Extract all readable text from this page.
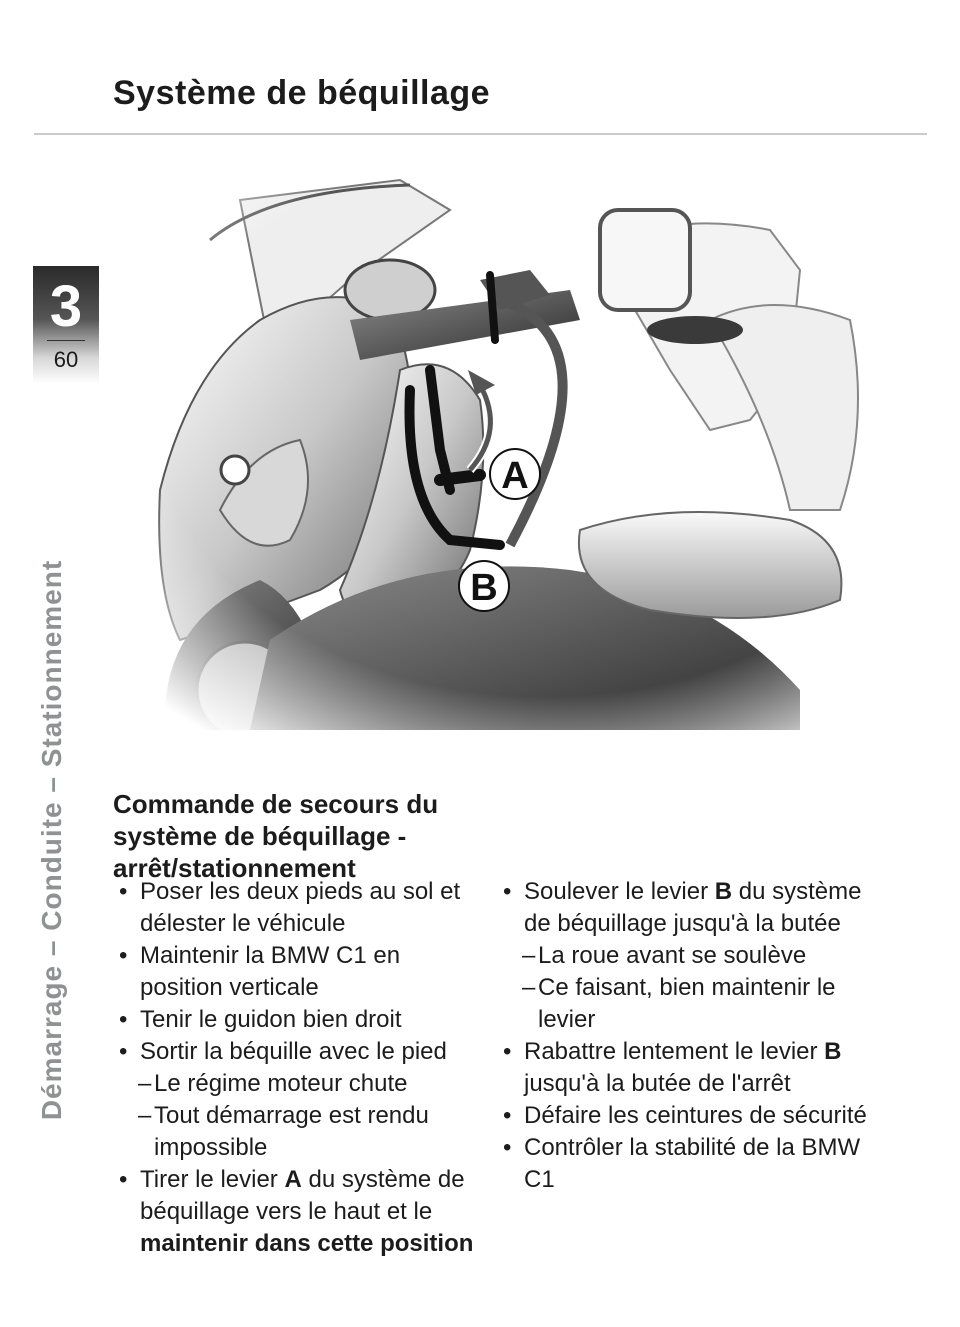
Système de béquillage
3
60
Démarrage – Conduite – Stationnement
A
B
Commande de secours du
système de béquillage -
arrêt/stationnement
• Poser les deux pieds au sol et délester le véhicule
• Maintenir la BMW C1 en position verticale
• Tenir le guidon bien droit
• Sortir la béquille avec le pied
– Le régime moteur chute
– Tout démarrage est rendu impossible
• Tirer le levier A du système de béquillage vers le haut et le maintenir dans cette position
• Soulever le levier B du système de béquillage jusqu'à la butée
– La roue avant se soulève
– Ce faisant, bien maintenir le levier
• Rabattre lentement le levier B jusqu'à la butée de l'arrêt
• Défaire les ceintures de sécurité
• Contrôler la stabilité de la BMW C1
